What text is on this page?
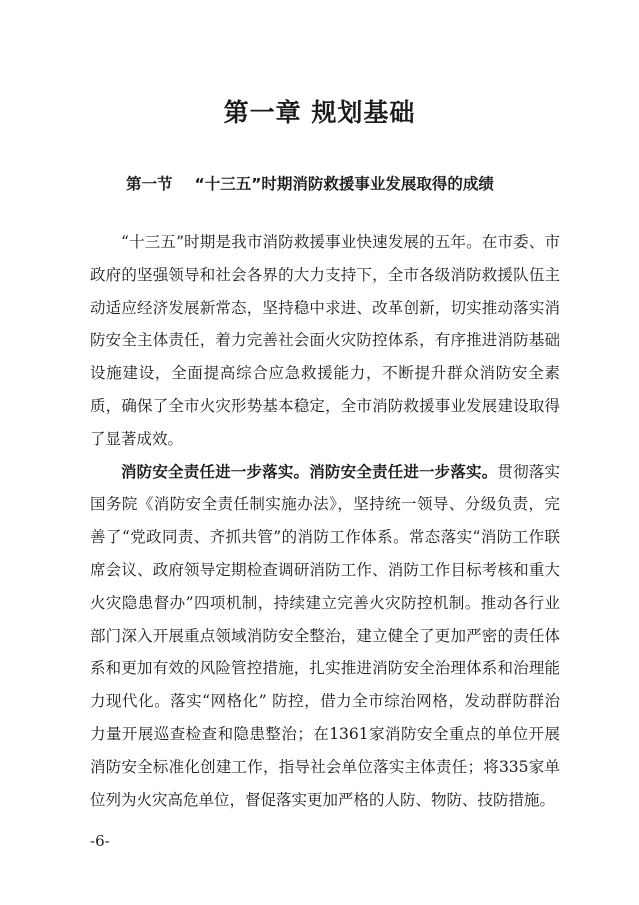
第一章 规划基础
第一节 “十三五”时期消防救援事业发展取得的成绩

“十三五”时期是我市消防救援事业快速发展的五年。在市委、市政府的坚强领导和社会各界的大力支持下，全市各级消防救援队伍主动适应经济发展新常态，坚持稳中求进、改革创新，切实推动落实消防安全主体责任，着力完善社会面火灾防控体系，有序推进消防基础设施建设，全面提高综合应急救援能力，不断提升群众消防安全素质，确保了全市火灾形势基本稳定，全市消防救援事业发展建设取得了显著成效。

消防安全责任进一步落实。消防安全责任进一步落实。贯彻落实国务院《消防安全责任制实施办法》，坚持统一领导、分级负责，完善了“党政同责、齐抓共管”的消防工作体系。常态落实“消防工作联席会议、政府领导定期检查调研消防工作、消防工作目标考核和重大火灾隐患督办”四项机制，持续建立完善火灾防控机制。推动各行业部门深入开展重点领域消防安全整治，建立健全了更加严密的责任体系和更加有效的风险管控措施，扎实推进消防安全治理体系和治理能力现代化。落实“网格化” 防控，借力全市综治网格，发动群防群治力量开展巡查检查和隐患整治；在1361家消防安全重点的单位开展消防安全标准化创建工作，指导社会单位落实主体责任；将335家单位列为火灾高危单位，督促落实更加严格的人防、物防、技防措施。

-6-
